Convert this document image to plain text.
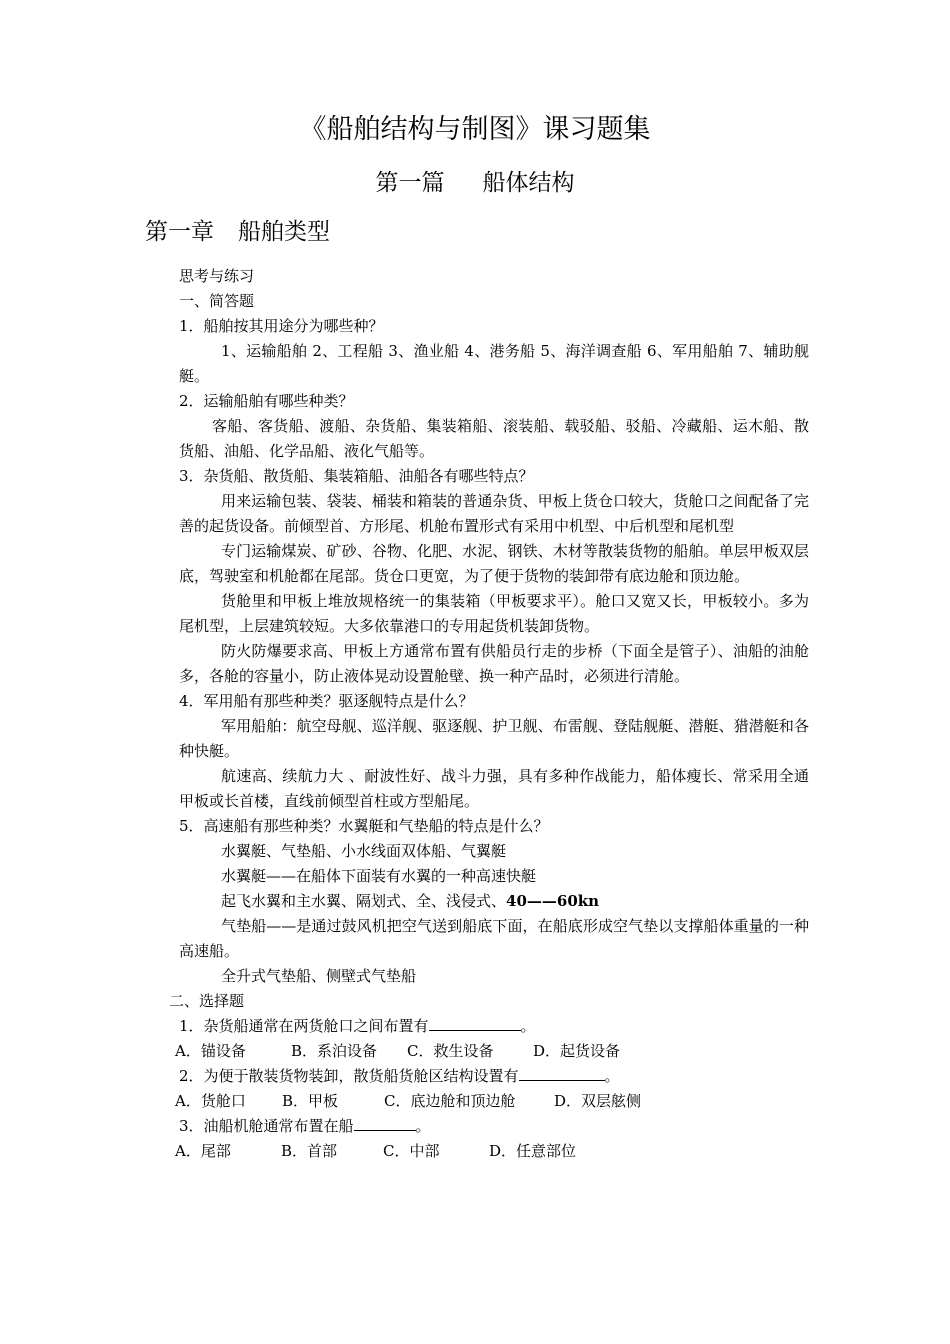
《船舶结构与制图》课习题集
第一篇 船体结构
第一章 船舶类型

思考与练习

一、简答题

1．船舶按其用途分为哪些种？

1、运输船舶 2、工程船 3、渔业船 4、港务船 5、海洋调查船 6、军用船舶 7、辅助舰艇。

2．运输船舶有哪些种类？

客船、客货船、渡船、杂货船、集装箱船、滚装船、载驳船、驳船、冷藏船、运木船、散货船、油船、化学品船、液化气船等。

3．杂货船、散货船、集装箱船、油船各有哪些特点？

用来运输包装、袋装、桶装和箱装的普通杂货、甲板上货仓口较大，货舱口之间配备了完善的起货设备。前倾型首、方形尾、机舱布置形式有采用中机型、中后机型和尾机型

专门运输煤炭、矿砂、谷物、化肥、水泥、钢铁、木材等散装货物的船舶。单层甲板双层底，驾驶室和机舱都在尾部。货仓口更宽，为了便于货物的装卸带有底边舱和顶边舱。

货舱里和甲板上堆放规格统一的集装箱（甲板要求平）。舱口又宽又长，甲板较小。多为尾机型，上层建筑较短。大多依靠港口的专用起货机装卸货物。

防火防爆要求高、甲板上方通常布置有供船员行走的步桥（下面全是管子）、油船的油舱多，各舱的容量小，防止液体晃动设置舱壁、换一种产品时，必须进行清舱。

4．军用船有那些种类？驱逐舰特点是什么？

军用船舶：航空母舰、巡洋舰、驱逐舰、护卫舰、布雷舰、登陆舰艇、潜艇、猎潜艇和各种快艇。

航速高、续航力大 、耐波性好、战斗力强，具有多种作战能力，船体瘦长、常采用全通甲板或长首楼，直线前倾型首柱或方型船尾。

5．高速船有那些种类？水翼艇和气垫船的特点是什么？

水翼艇、气垫船、小水线面双体船、气翼艇

水翼艇——在船体下面装有水翼的一种高速快艇

起飞水翼和主水翼、隔划式、全、浅侵式、40——60kn

气垫船——是通过鼓风机把空气送到船底下面，在船底形成空气垫以支撑船体重量的一种高速船。

全升式气垫船、侧壁式气垫船

二、选择题

1．杂货船通常在两货舱口之间布置有	。

A．锚设备	B．系泊设备	C．救生设备	D．起货设备

2．为便于散装货物装卸，散货船货舱区结构设置有	。

A．货舱口	B．甲板	C．底边舱和顶边舱	D．双层舷侧

3．油船机舱通常布置在船	。

A．尾部	B．首部	C．中部	D．任意部位
